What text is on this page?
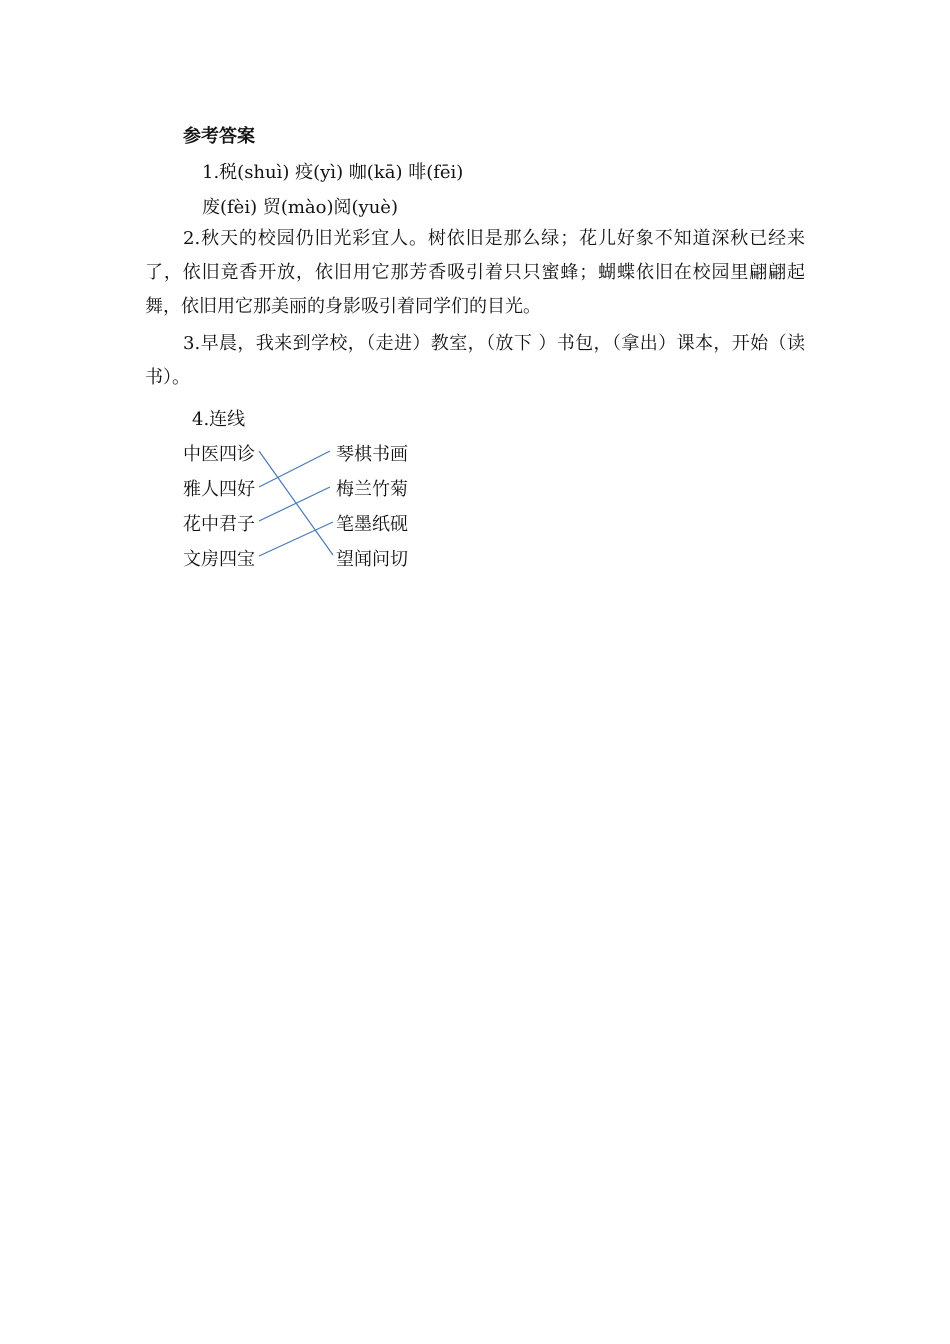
参考答案
1.税(shuì) 疫(yì) 咖(kā) 啡(fēi)
废(fèi) 贸(mào)阅(yuè)
2.秋天的校园仍旧光彩宜人。树依旧是那么绿；花儿好象不知道深秋已经来了，依旧竟香开放，依旧用它那芳香吸引着只只蜜蜂；蝴蝶依旧在校园里翩翩起舞，依旧用它那美丽的身影吸引着同学们的目光。
3.早晨，我来到学校，（走进）教室，（放下 ）书包，（拿出）课本，开始（读书）。
4.连线
中医四诊
雅人四好
花中君子
文房四宝
琴棋书画
梅兰竹菊
笔墨纸砚
望闻问切
